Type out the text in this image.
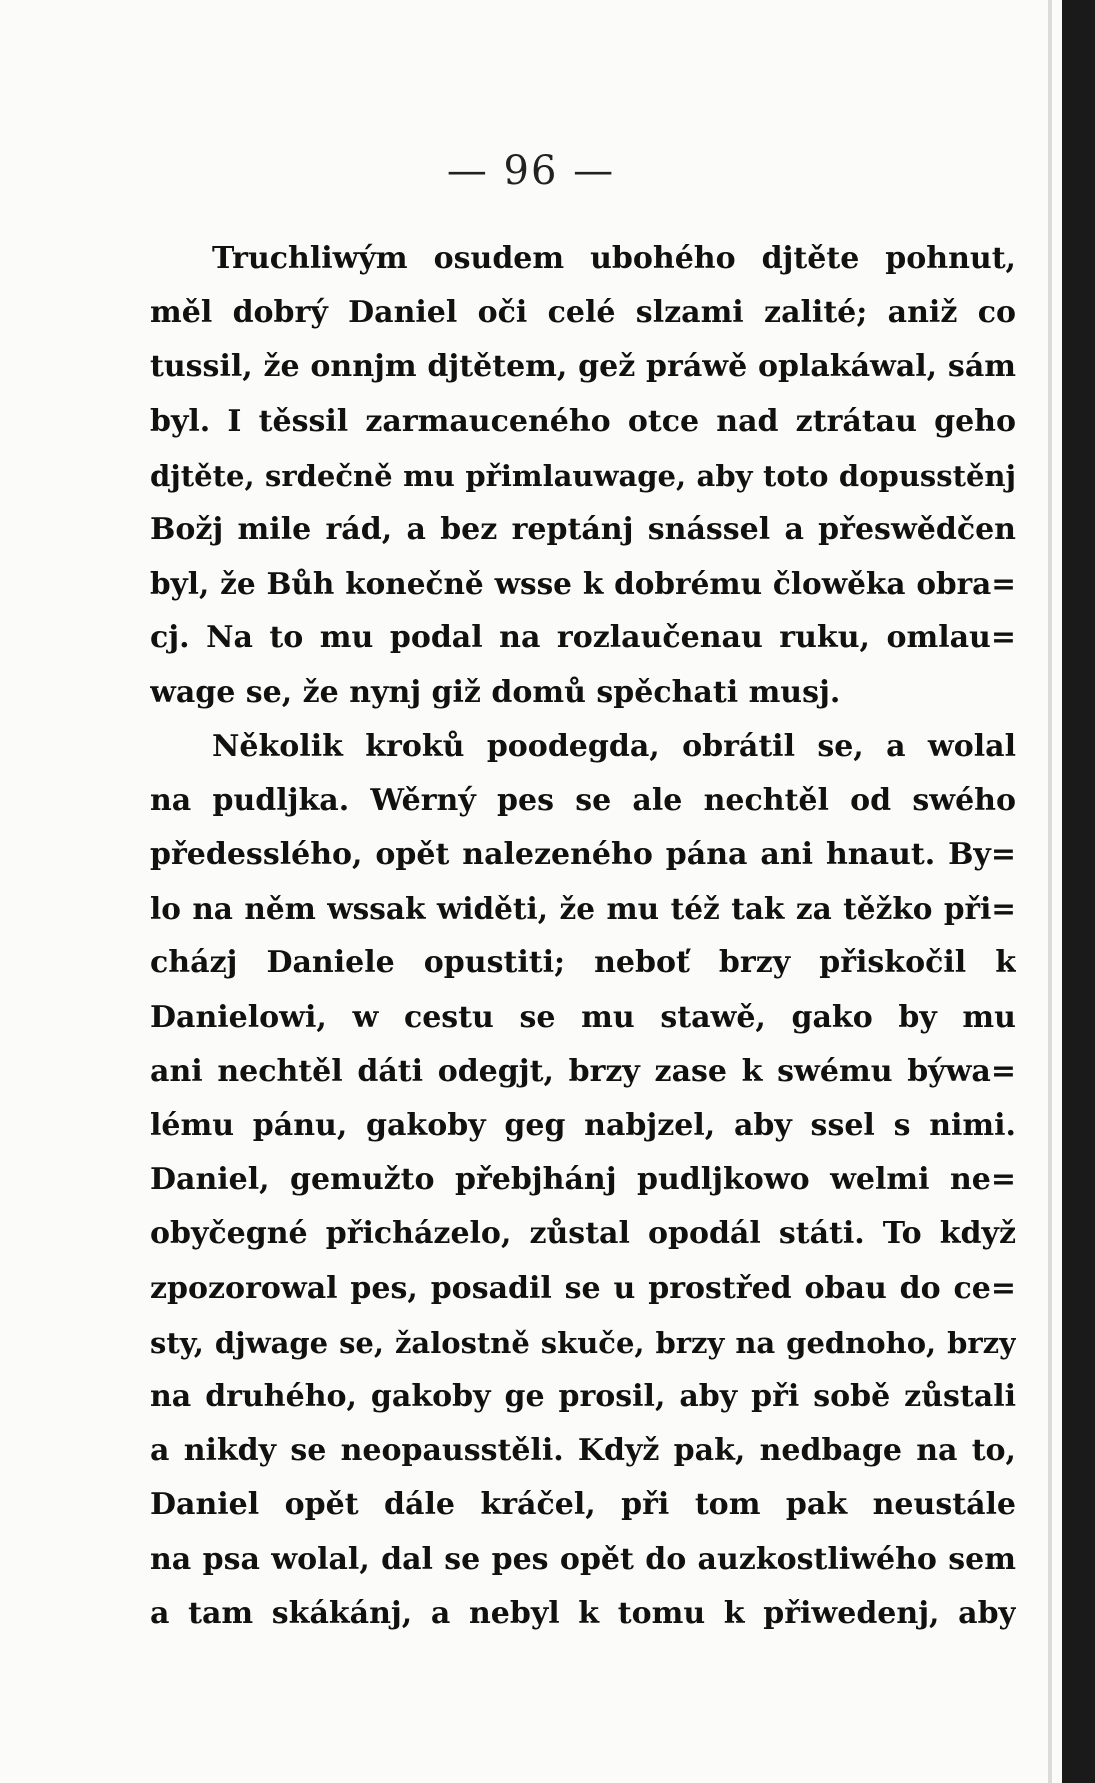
— 96 —
Truchliwým osudem ubohého djtěte pohnut,
měl dobrý Daniel oči celé slzami zalité; aniž co
tussil, že onnjm djtětem, gež práwě oplakáwal, sám
byl. I těssil zarmauceného otce nad ztrátau geho
djtěte, srdečně mu přimlauwage, aby toto dopusstěnj
Božj mile rád, a bez reptánj snássel a přeswědčen
byl, že Bůh konečně wsse k dobrému člowěka obra=
cj. Na to mu podal na rozlaučenau ruku, omlau=
wage se, že nynj giž domů spěchati musj.
Několik kroků poodegda, obrátil se, a wolal
na pudljka. Wěrný pes se ale nechtěl od swého
předesslého, opět nalezeného pána ani hnaut. By=
lo na něm wssak widěti, že mu též tak za těžko při=
cházj Daniele opustiti; neboť brzy přiskočil k
Danielowi, w cestu se mu stawě, gako by mu
ani nechtěl dáti odegjt, brzy zase k swému býwa=
lému pánu, gakoby geg nabjzel, aby ssel s nimi.
Daniel, gemužto přebjhánj pudljkowo welmi ne=
obyčegné přicházelo, zůstal opodál státi. To když
zpozorowal pes, posadil se u prostřed obau do ce=
sty, djwage se, žalostně skuče, brzy na gednoho, brzy
na druhého, gakoby ge prosil, aby při sobě zůstali
a nikdy se neopausstěli. Když pak, nedbage na to,
Daniel opět dále kráčel, při tom pak neustále
na psa wolal, dal se pes opět do auzkostliwého sem
a tam skákánj, a nebyl k tomu k přiwedenj, aby
